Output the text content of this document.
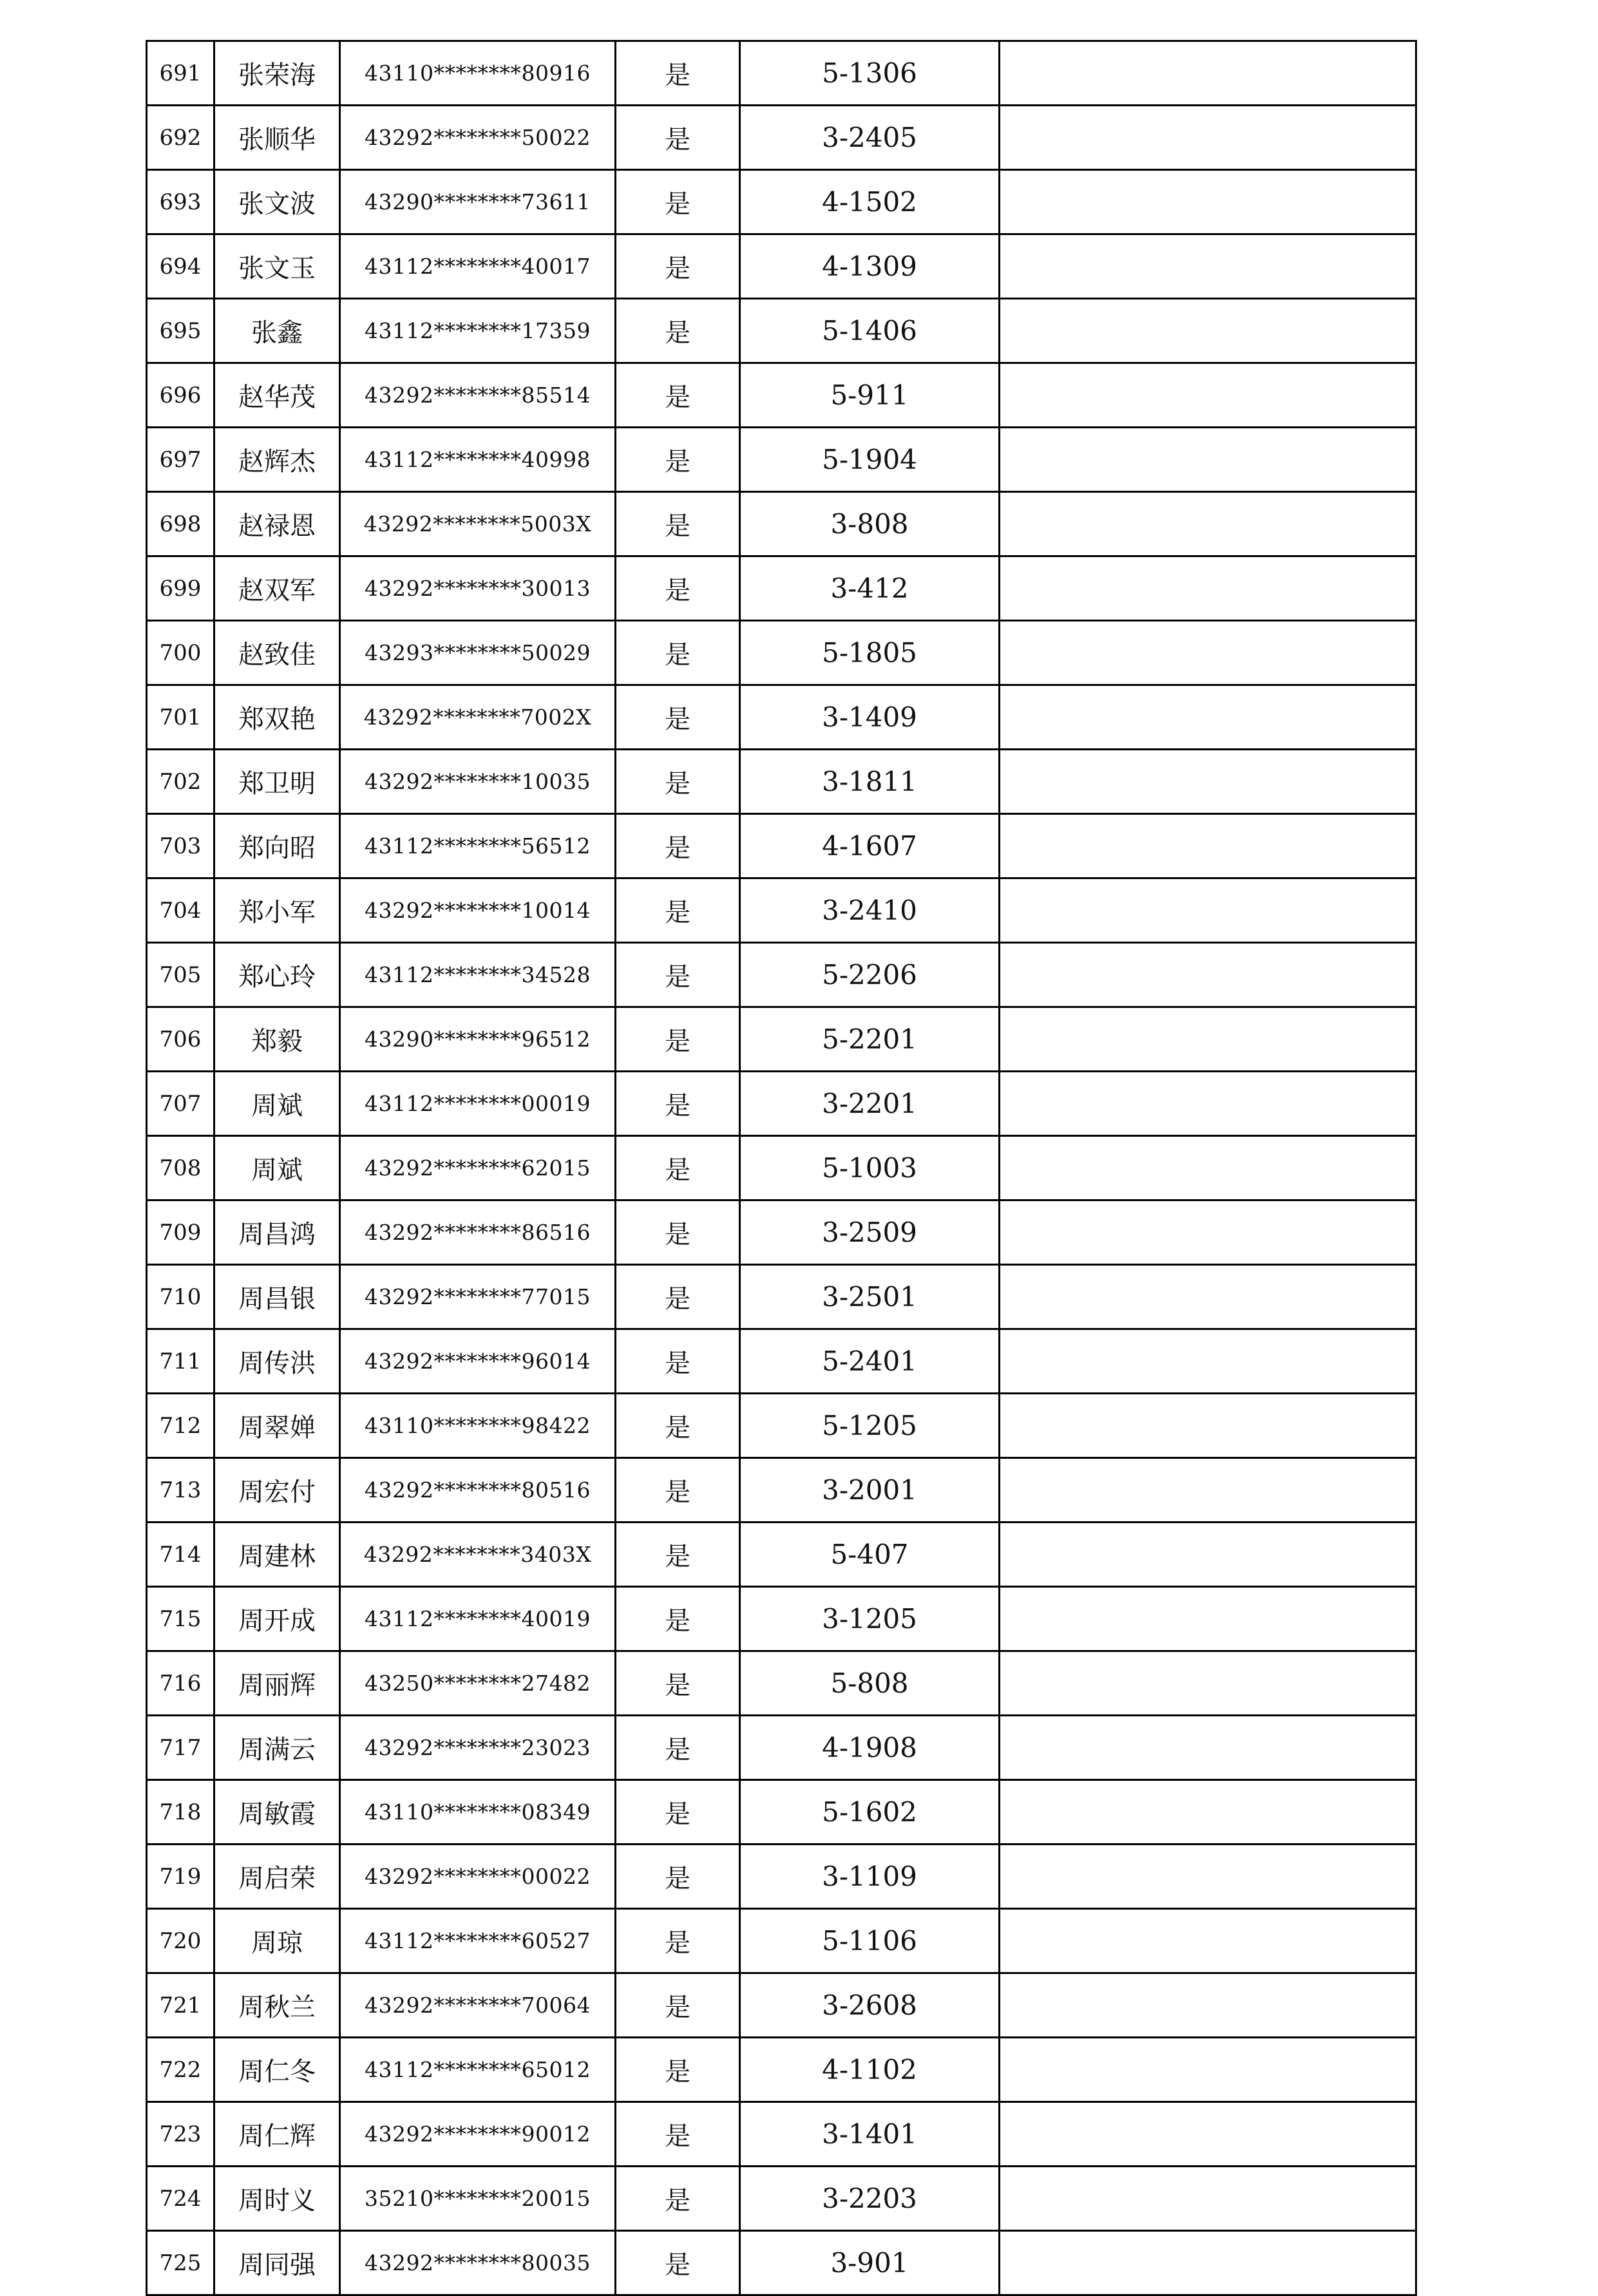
691	张荣海	43110********80916	是	5-1306	
692	张顺华	43292********50022	是	3-2405	
693	张文波	43290********73611	是	4-1502	
694	张文玉	43112********40017	是	4-1309	
695	张鑫	43112********17359	是	5-1406	
696	赵华茂	43292********85514	是	5-911	
697	赵辉杰	43112********40998	是	5-1904	
698	赵禄恩	43292********5003X	是	3-808	
699	赵双军	43292********30013	是	3-412	
700	赵致佳	43293********50029	是	5-1805	
701	郑双艳	43292********7002X	是	3-1409	
702	郑卫明	43292********10035	是	3-1811	
703	郑向昭	43112********56512	是	4-1607	
704	郑小军	43292********10014	是	3-2410	
705	郑心玲	43112********34528	是	5-2206	
706	郑毅	43290********96512	是	5-2201	
707	周斌	43112********00019	是	3-2201	
708	周斌	43292********62015	是	5-1003	
709	周昌鸿	43292********86516	是	3-2509	
710	周昌银	43292********77015	是	3-2501	
711	周传洪	43292********96014	是	5-2401	
712	周翠婵	43110********98422	是	5-1205	
713	周宏付	43292********80516	是	3-2001	
714	周建林	43292********3403X	是	5-407	
715	周开成	43112********40019	是	3-1205	
716	周丽辉	43250********27482	是	5-808	
717	周满云	43292********23023	是	4-1908	
718	周敏霞	43110********08349	是	5-1602	
719	周启荣	43292********00022	是	3-1109	
720	周琼	43112********60527	是	5-1106	
721	周秋兰	43292********70064	是	3-2608	
722	周仁冬	43112********65012	是	4-1102	
723	周仁辉	43292********90012	是	3-1401	
724	周时义	35210********20015	是	3-2203	
725	周同强	43292********80035	是	3-901	
